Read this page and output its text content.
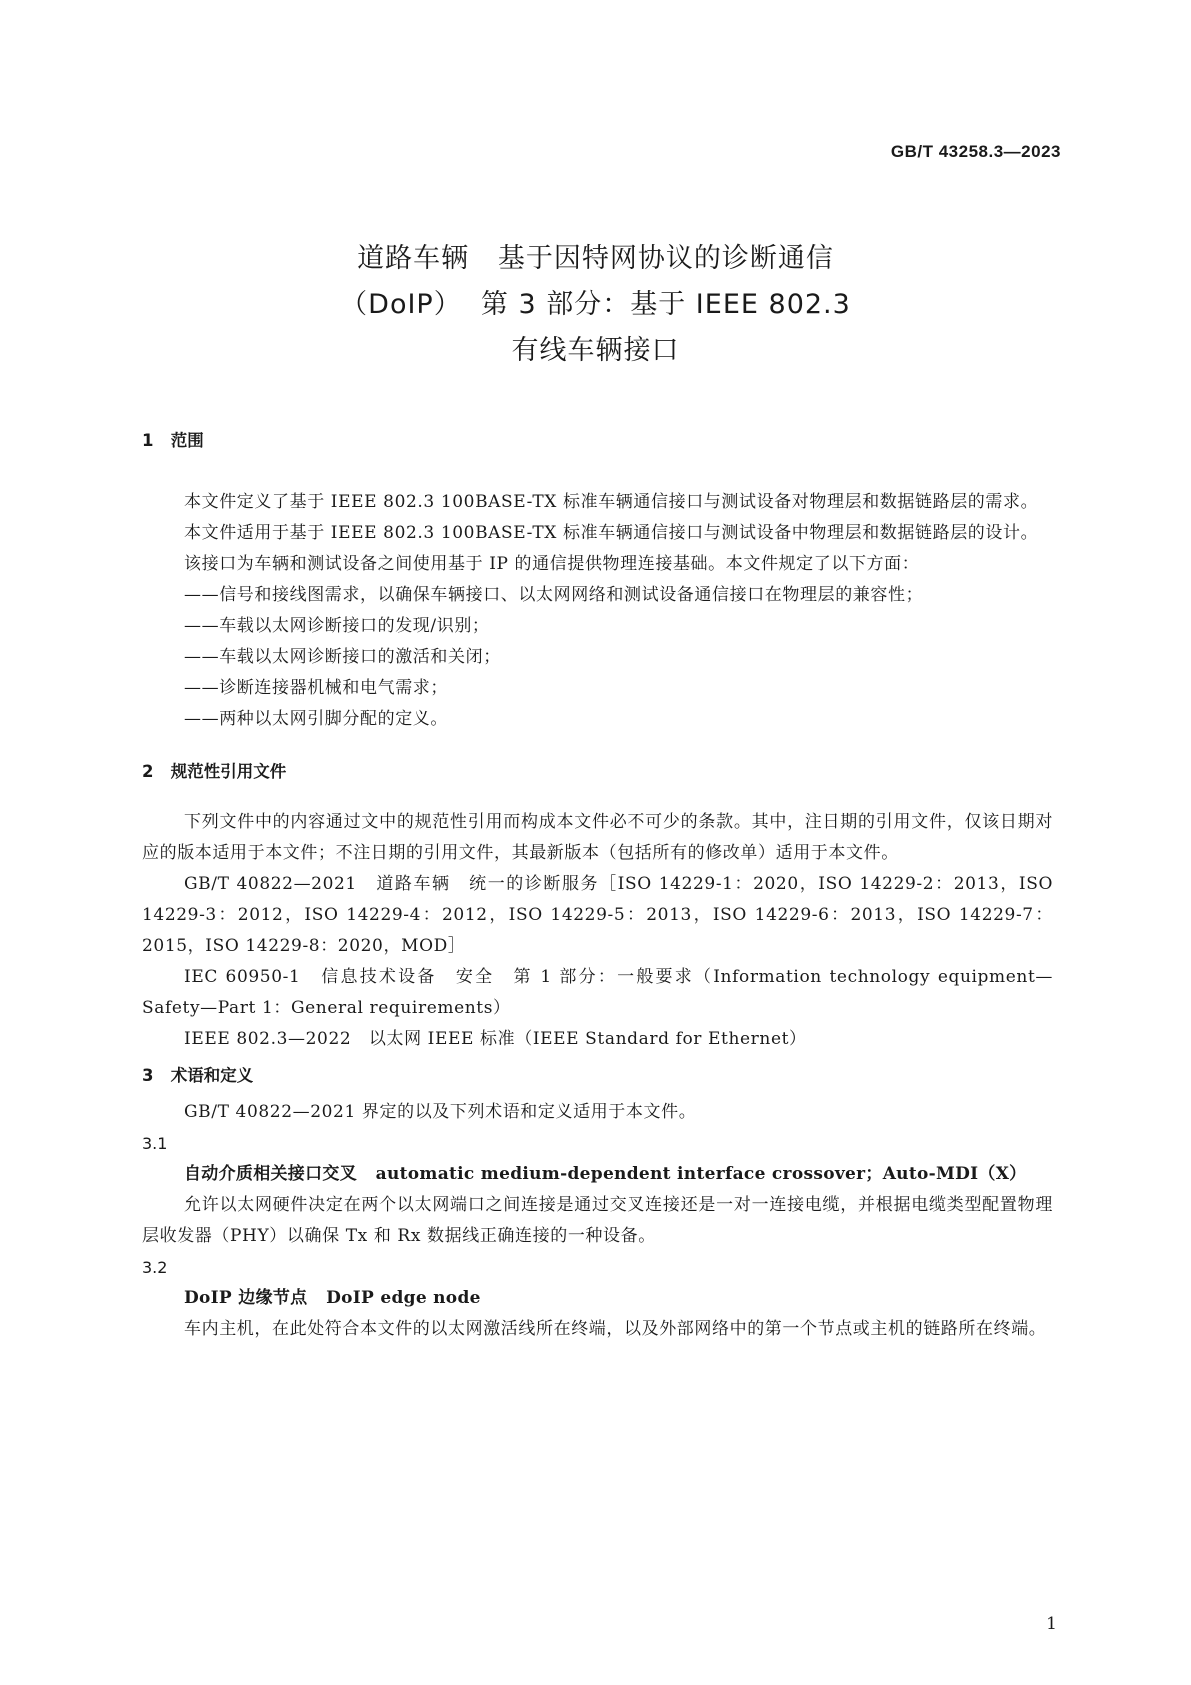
GB/T 43258.3—2023
道路车辆   基于因特网协议的诊断通信
（DoIP）  第 3 部分：基于 IEEE 802.3
有线车辆接口
1   范围

本文件定义了基于 IEEE 802.3 100BASE-TX 标准车辆通信接口与测试设备对物理层和数据链路层的需求。

本文件适用于基于 IEEE 802.3 100BASE-TX 标准车辆通信接口与测试设备中物理层和数据链路层的设计。

该接口为车辆和测试设备之间使用基于 IP 的通信提供物理连接基础。本文件规定了以下方面：

——信号和接线图需求，以确保车辆接口、以太网网络和测试设备通信接口在物理层的兼容性；
——车载以太网诊断接口的发现/识别；
——车载以太网诊断接口的激活和关闭；
——诊断连接器机械和电气需求；
——两种以太网引脚分配的定义。
2   规范性引用文件

下列文件中的内容通过文中的规范性引用而构成本文件必不可少的条款。其中，注日期的引用文件，仅该日期对应的版本适用于本文件；不注日期的引用文件，其最新版本（包括所有的修改单）适用于本文件。

GB/T 40822—2021　道路车辆　统一的诊断服务［ISO 14229-1：2020，ISO 14229-2：2013，ISO 14229-3：2012，ISO 14229-4：2012，ISO 14229-5：2013，ISO 14229-6：2013，ISO 14229-7：2015，ISO 14229-8：2020，MOD］

IEC 60950-1　信息技术设备　安全　第 1 部分：一般要求（Information technology equipment—Safety—Part 1：General requirements）

IEEE 802.3—2022　以太网 IEEE 标准（IEEE Standard for Ethernet）

3   术语和定义

GB/T 40822—2021 界定的以及下列术语和定义适用于本文件。

3.1
自动介质相关接口交叉   automatic medium-dependent interface crossover；Auto-MDI（X）

允许以太网硬件决定在两个以太网端口之间连接是通过交叉连接还是一对一连接电缆，并根据电缆类型配置物理层收发器（PHY）以确保 Tx 和 Rx 数据线正确连接的一种设备。

3.2
DoIP 边缘节点   DoIP edge node

车内主机，在此处符合本文件的以太网激活线所在终端，以及外部网络中的第一个节点或主机的链路所在终端。

1
